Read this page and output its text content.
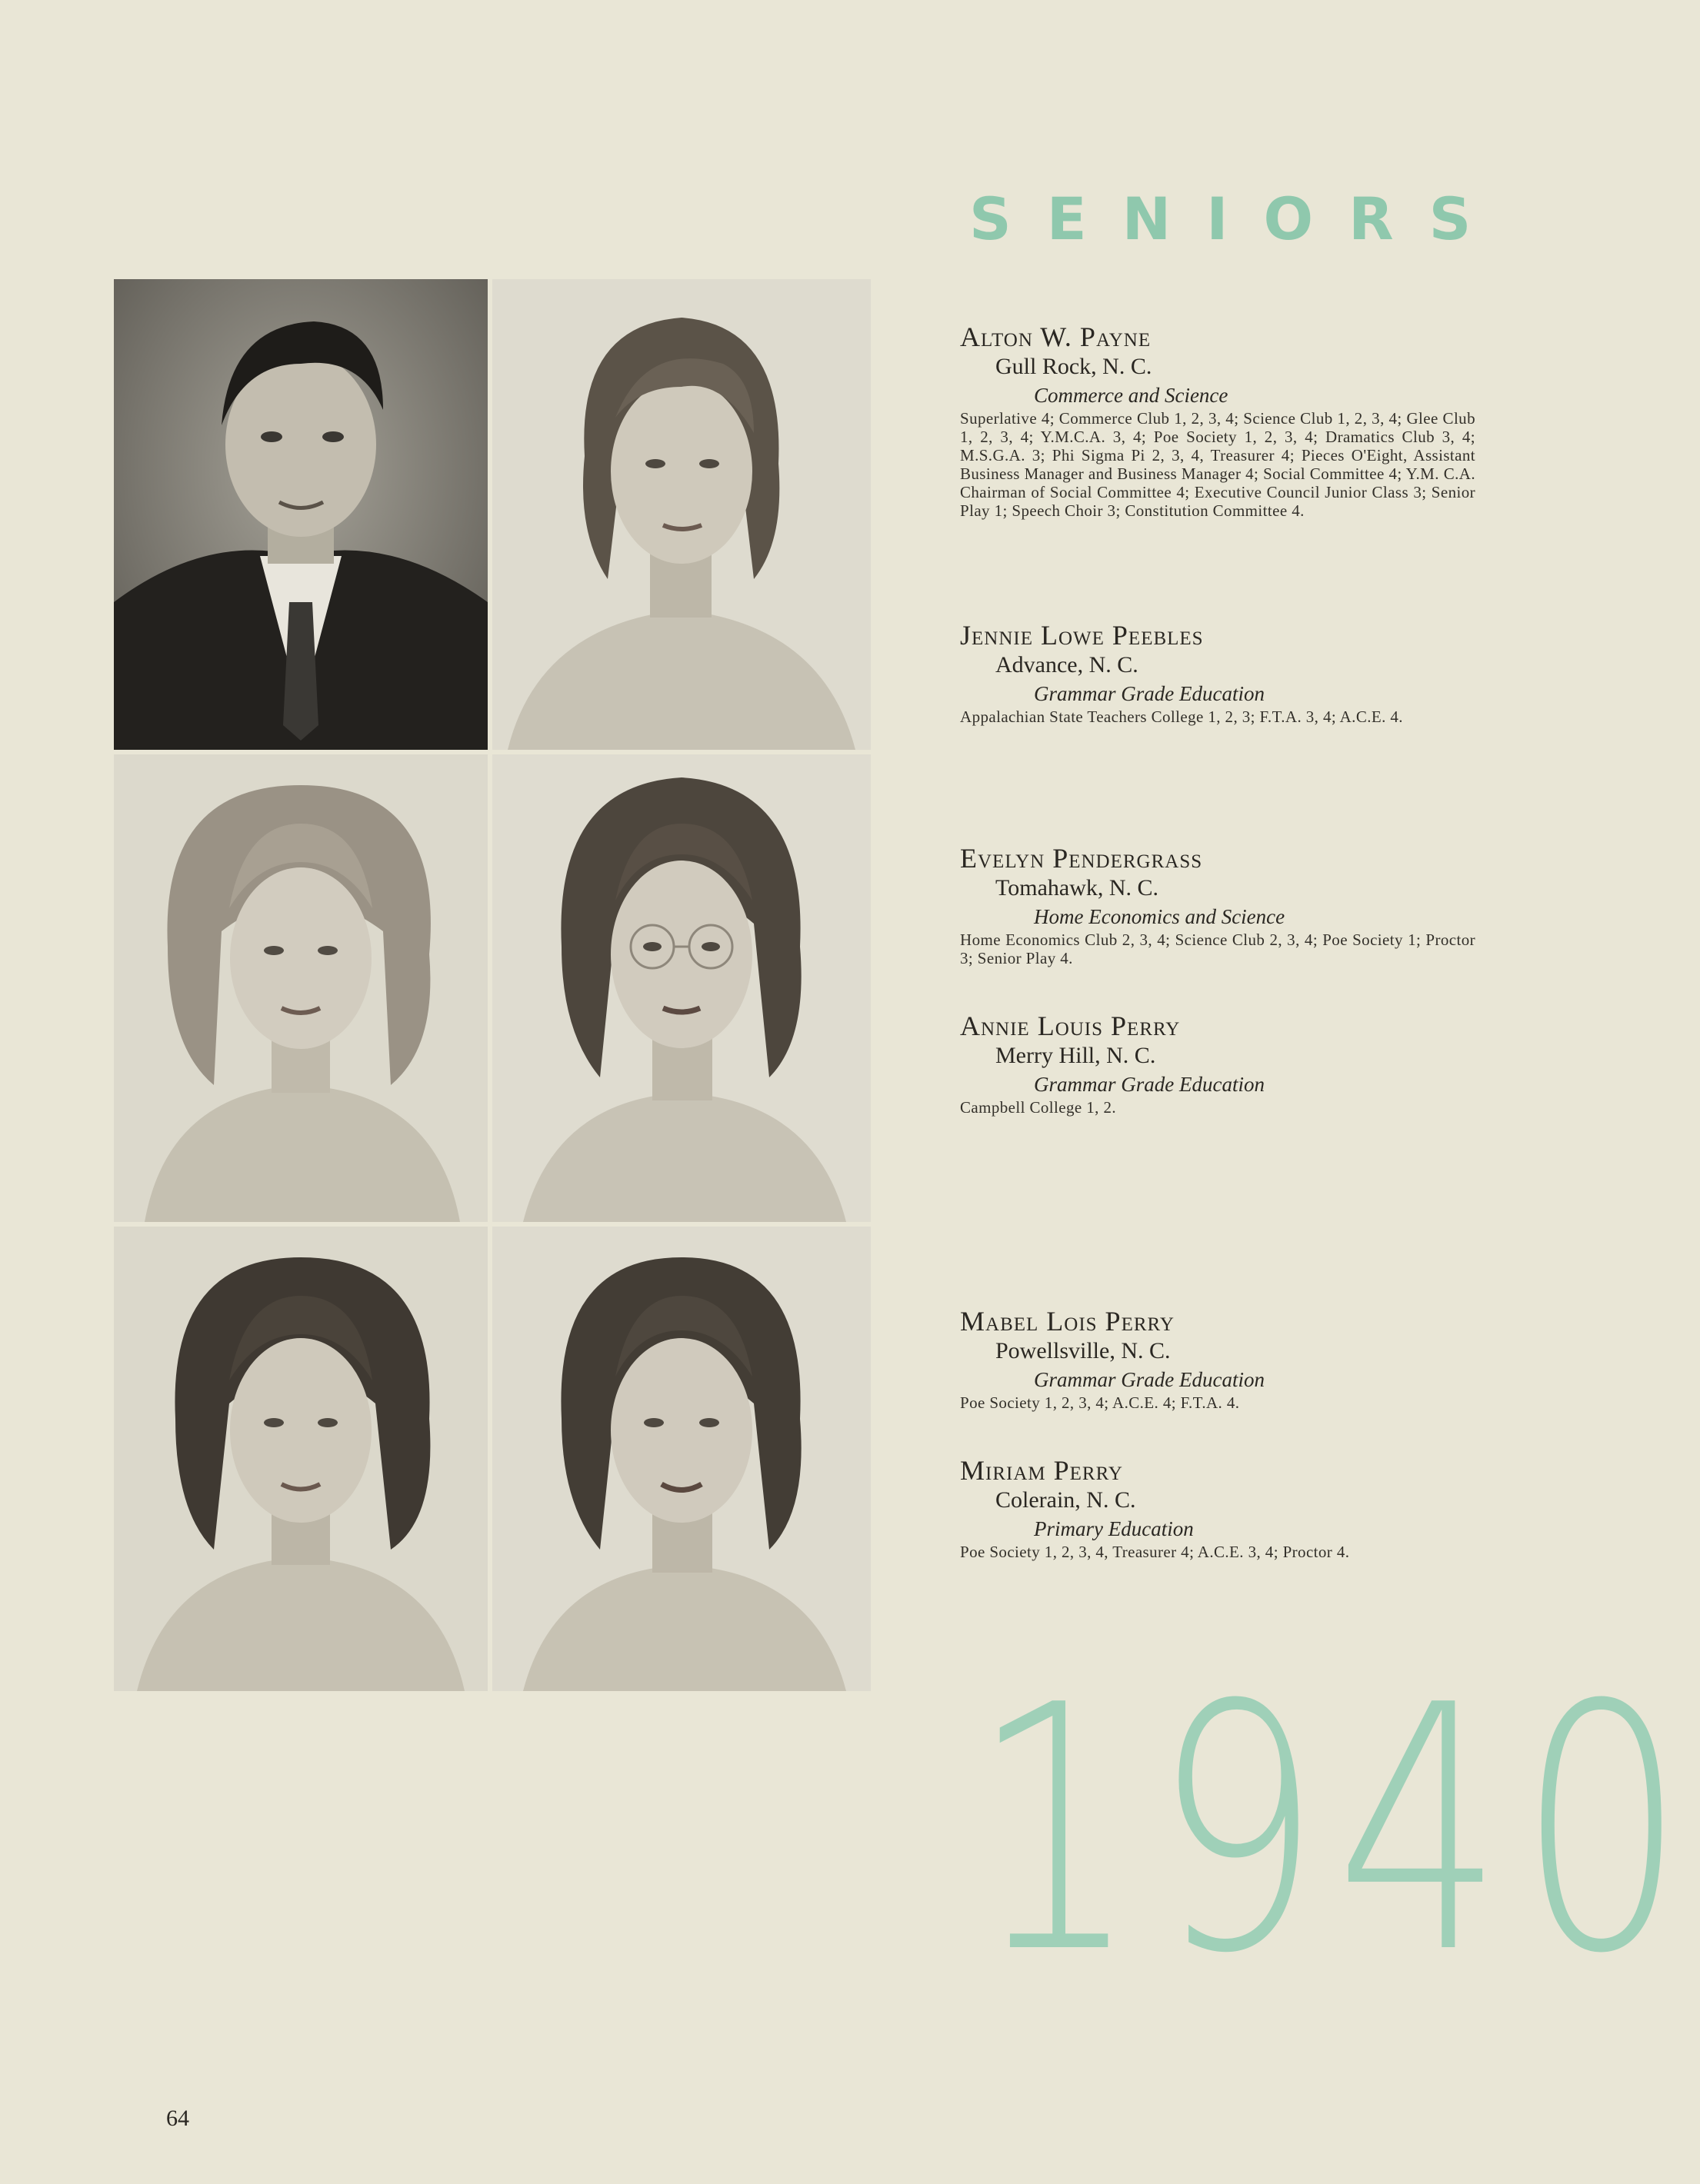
SENIORS
Alton W. Payne
Gull Rock, N. C.
Commerce and Science
Superlative 4; Commerce Club 1, 2, 3, 4; Science Club 1, 2, 3, 4; Glee Club 1, 2, 3, 4; Y.M.C.A. 3, 4; Poe Society 1, 2, 3, 4; Dramatics Club 3, 4; M.S.G.A. 3; Phi Sigma Pi 2, 3, 4, Treasurer 4; Pieces O'Eight, Assistant Business Manager and Business Manager 4; Social Committee 4; Y.M. C.A. Chairman of Social Committee 4; Executive Council Junior Class 3; Senior Play 1; Speech Choir 3; Constitution Committee 4.
Jennie Lowe Peebles
Advance, N. C.
Grammar Grade Education
Appalachian State Teachers College 1, 2, 3; F.T.A. 3, 4; A.C.E. 4.
Evelyn Pendergrass
Tomahawk, N. C.
Home Economics and Science
Home Economics Club 2, 3, 4; Science Club 2, 3, 4; Poe Society 1; Proctor 3; Senior Play 4.
Annie Louis Perry
Merry Hill, N. C.
Grammar Grade Education
Campbell College 1, 2.
Mabel Lois Perry
Powellsville, N. C.
Grammar Grade Education
Poe Society 1, 2, 3, 4; A.C.E. 4; F.T.A. 4.
Miriam Perry
Colerain, N. C.
Primary Education
Poe Society 1, 2, 3, 4, Treasurer 4; A.C.E. 3, 4; Proctor 4.
1940
64
